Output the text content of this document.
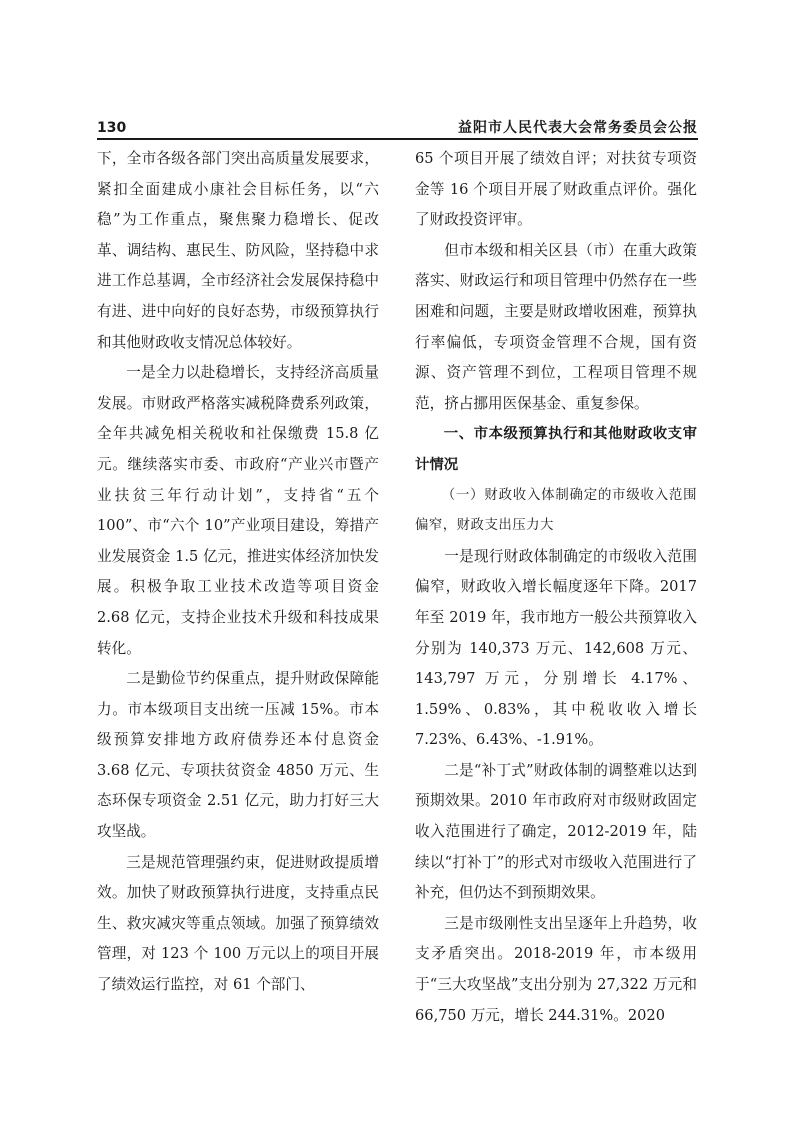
130	益阳市人民代表大会常务委员会公报

下，全市各级各部门突出高质量发展要求，紧扣全面建成小康社会目标任务，以“六稳”为工作重点，聚焦聚力稳增长、促改革、调结构、惠民生、防风险，坚持稳中求进工作总基调，全市经济社会发展保持稳中有进、进中向好的良好态势，市级预算执行和其他财政收支情况总体较好。

一是全力以赴稳增长，支持经济高质量发展。市财政严格落实减税降费系列政策，全年共减免相关税收和社保缴费 15.8 亿元。继续落实市委、市政府“产业兴市暨产业扶贫三年行动计划”，支持省“五个 100”、市“六个 10”产业项目建设，筹措产业发展资金 1.5 亿元，推进实体经济加快发展。积极争取工业技术改造等项目资金 2.68 亿元，支持企业技术升级和科技成果转化。

二是勤俭节约保重点，提升财政保障能力。市本级项目支出统一压减 15%。市本级预算安排地方政府债券还本付息资金 3.68 亿元、专项扶贫资金 4850 万元、生态环保专项资金 2.51 亿元，助力打好三大攻坚战。

三是规范管理强约束，促进财政提质增效。加快了财政预算执行进度，支持重点民生、救灾减灾等重点领域。加强了预算绩效管理，对 123 个 100 万元以上的项目开展了绩效运行监控，对 61 个部门、

65 个项目开展了绩效自评；对扶贫专项资金等 16 个项目开展了财政重点评价。强化了财政投资评审。

但市本级和相关区县（市）在重大政策落实、财政运行和项目管理中仍然存在一些困难和问题，主要是财政增收困难，预算执行率偏低，专项资金管理不合规，国有资源、资产管理不到位，工程项目管理不规范，挤占挪用医保基金、重复参保。

一、市本级预算执行和其他财政收支审计情况

（一）财政收入体制确定的市级收入范围偏窄，财政支出压力大

一是现行财政体制确定的市级收入范围偏窄，财政收入增长幅度逐年下降。2017 年至 2019 年，我市地方一般公共预算收入分别为 140,373 万元、142,608 万元、143,797 万元，分别增长 4.17%、1.59%、0.83%，其中税收收入增长 7.23%、6.43%、-1.91%。

二是“补丁式”财政体制的调整难以达到预期效果。2010 年市政府对市级财政固定收入范围进行了确定，2012-2019 年，陆续以“打补丁”的形式对市级收入范围进行了补充，但仍达不到预期效果。

三是市级刚性支出呈逐年上升趋势，收支矛盾突出。2018-2019 年，市本级用于“三大攻坚战”支出分别为 27,322 万元和 66,750 万元，增长 244.31%。2020
